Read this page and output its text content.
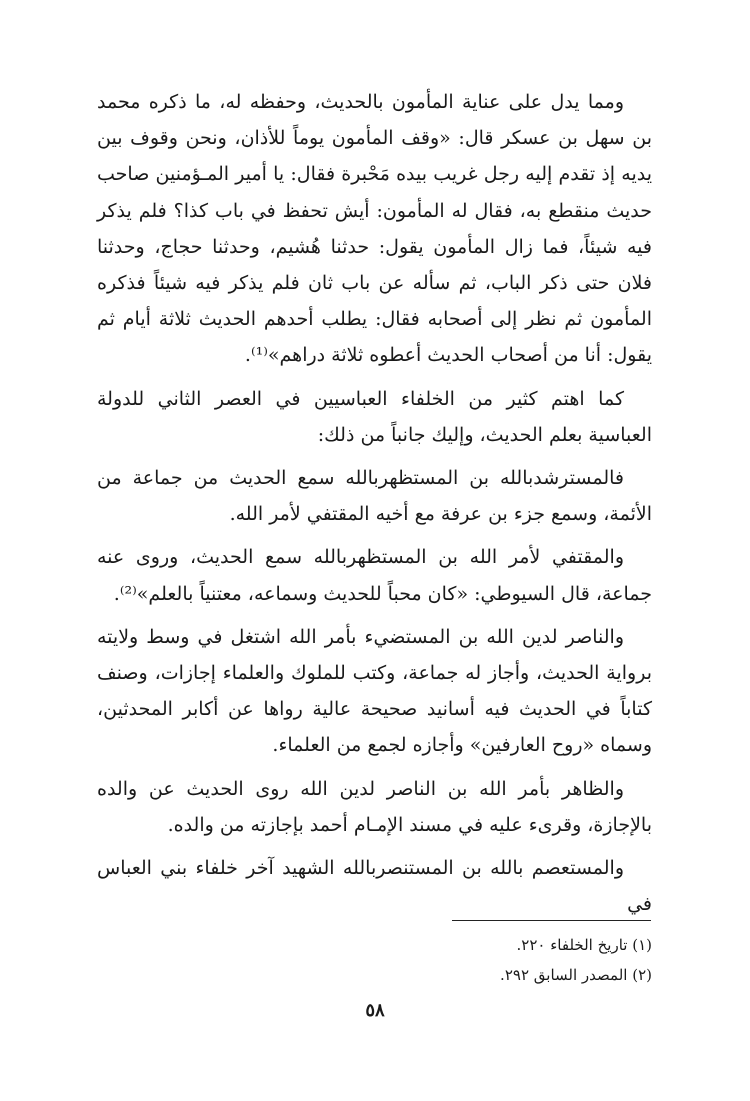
ومما يدل على عناية المأمون بالحديث، وحفظه له، ما ذكره محمد بن سهل بن عسكر قال: «وقف المأمون يوماً للأذان، ونحن وقوف بين يديه إذ تقدم إليه رجل غريب بيده مَحْبرة فقال: يا أمير المـؤمنين صاحب حديث منقطع به، فقال له المأمون: أيش تحفظ في باب كذا؟ فلم يذكر فيه شيئاً، فما زال المأمون يقول: حدثنا هُشيم، وحدثنا حجاج، وحدثنا فلان حتى ذكر الباب، ثم سأله عن باب ثان فلم يذكر فيه شيئاً فذكره المأمون ثم نظر إلى أصحابه فقال: يطلب أحدهم الحديث ثلاثة أيام ثم يقول: أنا من أصحاب الحديث أعطوه ثلاثة دراهم»⁽¹⁾.

كما اهتم كثير من الخلفاء العباسيين في العصر الثاني للدولة العباسية بعلم الحديث، وإليك جانباً من ذلك:

فالمسترشدبالله بن المستظهربالله سمع الحديث من جماعة من الأئمة، وسمع جزء بن عرفة مع أخيه المقتفي لأمر الله.

والمقتفي لأمر الله بن المستظهربالله سمع الحديث، وروى عنه جماعة، قال السيوطي: «كان محباً للحديث وسماعه، معتنياً بالعلم»⁽²⁾.

والناصر لدين الله بن المستضيء بأمر الله اشتغل في وسط ولايته برواية الحديث، وأجاز له جماعة، وكتب للملوك والعلماء إجازات، وصنف كتاباً في الحديث فيه أسانيد صحيحة عالية رواها عن أكابر المحدثين، وسماه «روح العارفين» وأجازه لجمع من العلماء.

والظاهر بأمر الله بن الناصر لدين الله روى الحديث عن والده بالإجازة، وقرىء عليه في مسند الإمـام أحمد بإجازته من والده.

والمستعصم بالله بن المستنصربالله الشهيد آخر خلفاء بني العباس في

(١) تاريخ الخلفاء ٢٢٠.
(٢) المصدر السابق ٢٩٢.
٥٨
